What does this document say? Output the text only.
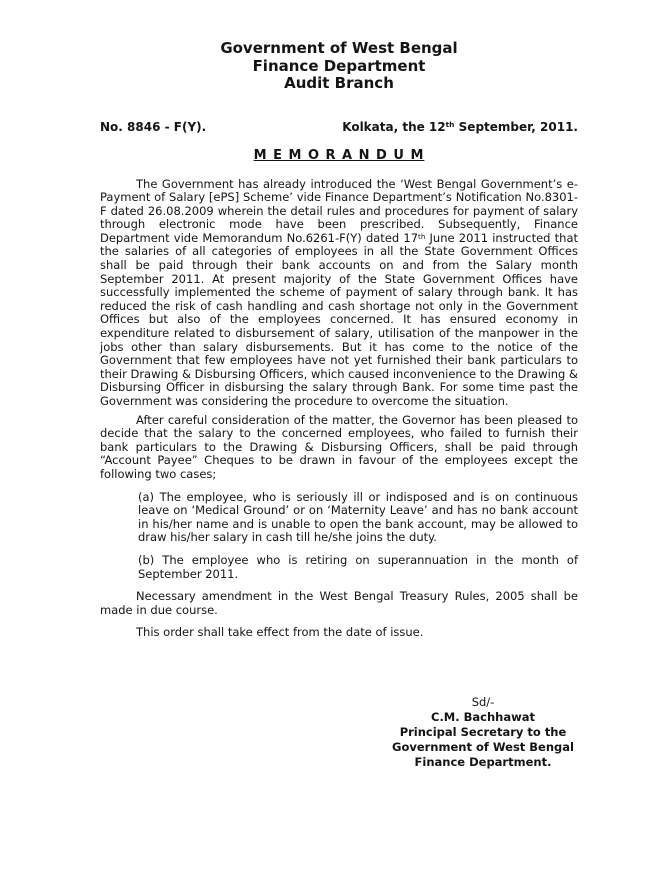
Government of West Bengal
Finance Department
Audit Branch
No. 8846 - F(Y).	Kolkata, the 12th September, 2011.
M E M O R A N D U M

The Government has already introduced the ‘West Bengal Government’s e-Payment of Salary [ePS] Scheme’ vide Finance Department’s Notification No.8301-F dated 26.08.2009 wherein the detail rules and procedures for payment of salary through electronic mode have been prescribed. Subsequently, Finance Department vide Memorandum No.6261-F(Y) dated 17th June 2011 instructed that the salaries of all categories of employees in all the State Government Offices shall be paid through their bank accounts on and from the Salary month September 2011. At present majority of the State Government Offices have successfully implemented the scheme of payment of salary through bank. It has reduced the risk of cash handling and cash shortage not only in the Government Offices but also of the employees concerned. It has ensured economy in expenditure related to disbursement of salary, utilisation of the manpower in the jobs other than salary disbursements. But it has come to the notice of the Government that few employees have not yet furnished their bank particulars to their Drawing & Disbursing Officers, which caused inconvenience to the Drawing & Disbursing Officer in disbursing the salary through Bank. For some time past the Government was considering the procedure to overcome the situation.

After careful consideration of the matter, the Governor has been pleased to decide that the salary to the concerned employees, who failed to furnish their bank particulars to the Drawing & Disbursing Officers, shall be paid through “Account Payee” Cheques to be drawn in favour of the employees except the following two cases;

(a) The employee, who is seriously ill or indisposed and is on continuous leave on ‘Medical Ground’ or on ‘Maternity Leave’ and has no bank account in his/her name and is unable to open the bank account, may be allowed to draw his/her salary in cash till he/she joins the duty.

(b) The employee who is retiring on superannuation in the month of September 2011.

Necessary amendment in the West Bengal Treasury Rules, 2005 shall be made in due course.

This order shall take effect from the date of issue.

Sd/-
C.M. Bachhawat
Principal Secretary to the
Government of West Bengal
Finance Department.
